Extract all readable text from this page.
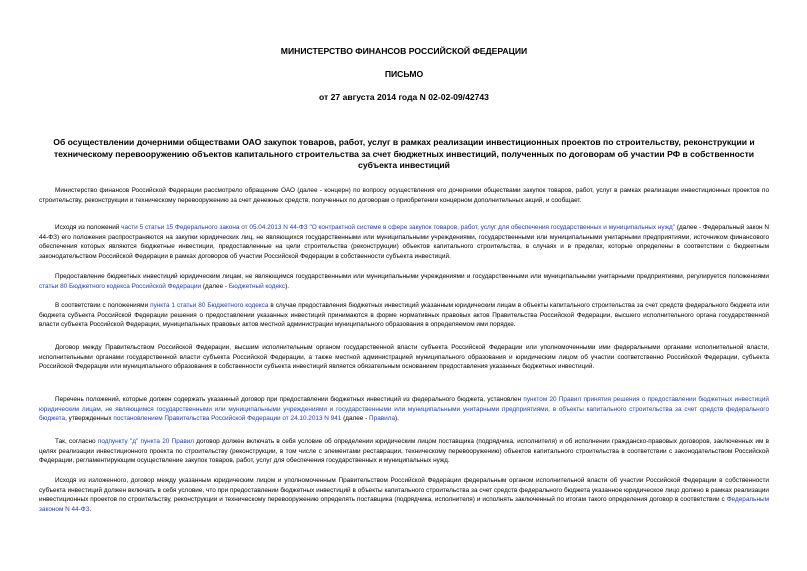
МИНИСТЕРСТВО ФИНАНСОВ РОССИЙСКОЙ ФЕДЕРАЦИИ
ПИСЬМО
от 27 августа 2014 года N 02-02-09/42743
Об осуществлении дочерними обществами ОАО закупок товаров, работ, услуг в рамках реализации инвестиционных проектов по строительству, реконструкции и техническому перевооружению объектов капитального строительства за счет бюджетных инвестиций, полученных по договорам об участии РФ в собственности субъекта инвестиций
Министерство финансов Российской Федерации рассмотрело обращение ОАО (далее - концерн) по вопросу осуществления его дочерними обществами закупок товаров, работ, услуг в рамках реализации инвестиционных проектов по строительству, реконструкции и техническому перевооружению за счет денежных средств, полученных по договорам о приобретении концерном дополнительных акций, и сообщает.
Исходя из положений части 5 статьи 15 Федерального закона от 05.04.2013 N 44-ФЗ "О контрактной системе в сфере закупок товаров, работ, услуг для обеспечения государственных и муниципальных нужд" (далее - Федеральный закон N 44-ФЗ) его положения распространяются на закупки юридических лиц, не являющихся государственными или муниципальными учреждениями, государственными или муниципальными унитарными предприятиями, источником финансового обеспечения которых являются бюджетные инвестиции, предоставленные на цели строительства (реконструкции) объектов капитального строительства, в случаях и в пределах, которые определены в соответствии с бюджетным законодательством Российской Федерации в рамках договоров об участии Российской Федерации в собственности субъекта инвестиций.
Предоставление бюджетных инвестиций юридическим лицам, не являющимся государственными или муниципальными учреждениями и государственными или муниципальными унитарными предприятиями, регулируется положениями статьи 80 Бюджетного кодекса Российской Федерации (далее - Бюджетный кодекс).
В соответствии с положениями пункта 1 статьи 80 Бюджетного кодекса в случае предоставления бюджетных инвестиций указанным юридическим лицам в объекты капитального строительства за счет средств федерального бюджета или бюджета субъекта Российской Федерации решения о предоставлении указанных инвестиций принимаются в форме нормативных правовых актов Правительства Российской Федерации, высшего исполнительного органа государственной власти субъекта Российской Федерации, муниципальных правовых актов местной администрации муниципального образования в определяемом ими порядке.
Договор между Правительством Российской Федерации, высшим исполнительным органом государственной власти субъекта Российской Федерации или уполномоченными ими федеральными органами исполнительной власти, исполнительными органами государственной власти субъекта Российской Федерации, а также местной администрацией муниципального образования и юридическим лицом об участии соответственно Российской Федерации, субъекта Российской Федерации или муниципального образования в собственности субъекта инвестиций является обязательным основанием предоставления указанных бюджетных инвестиций.
Перечень положений, которые должен содержать указанный договор при предоставлении бюджетных инвестиций из федерального бюджета, установлен пунктом 20 Правил принятия решения о предоставлении бюджетных инвестиций юридическим лицам, не являющимся государственными или муниципальными учреждениями и государственными или муниципальными унитарными предприятиями, в объекты капитального строительства за счет средств федерального бюджета, утвержденных постановлением Правительства Российской Федерации от 24.10.2013 N 941 (далее - Правила).
Так, согласно подпункту "д" пункта 20 Правил договор должен включать в себя условие об определении юридическим лицом поставщика (подрядчика, исполнителя) и об исполнении гражданско-правовых договоров, заключенных им в целях реализации инвестиционного проекта по строительству (реконструкции, в том числе с элементами реставрации, техническому перевооружению) объектов капитального строительства в соответствии с законодательством Российской Федерации, регламентирующим осуществление закупок товаров, работ, услуг для обеспечения государственных и муниципальных нужд.
Исходя из изложенного, договор между указанным юридическим лицом и уполномоченным Правительством Российской Федерации федеральным органом исполнительной власти об участии Российской Федерации в собственности субъекта инвестиций должен включать в себя условие, что при предоставлении бюджетных инвестиций в объекты капитального строительства за счет средств федерального бюджета указанное юридическое лицо должно в рамках реализации инвестиционных проектов по строительству, реконструкции и техническому перевооружению определять поставщика (подрядчика, исполнителя) и исполнять заключенный по итогам такого определения договор в соответствии с Федеральным законом N 44-ФЗ.
